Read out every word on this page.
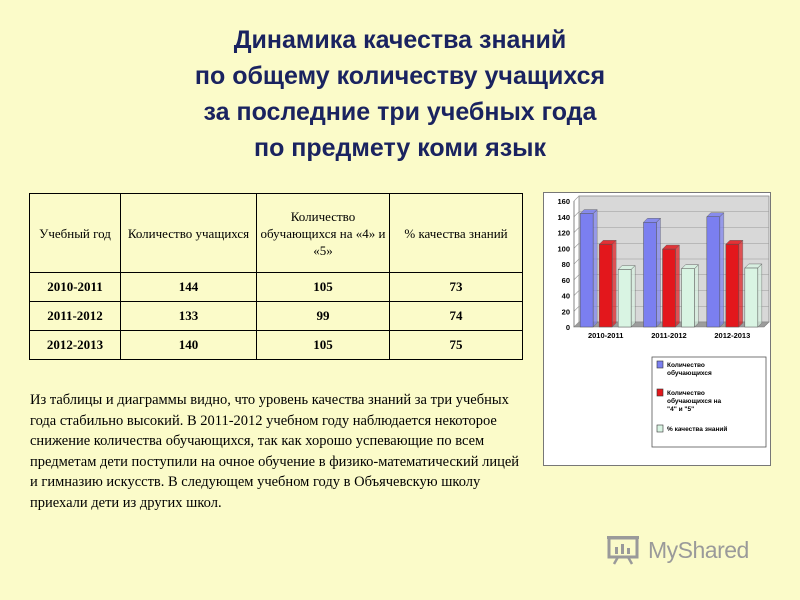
Динамика качества знаний
по общему количеству учащихся
за последние три учебных года
по предмету коми язык
Учебный год	Количество учащихся	Количество обучающихся на «4» и «5»	% качества знаний
2010-2011	144	105	73
2011-2012	133	99	74
2012-2013	140	105	75
Из таблицы и диаграммы видно, что уровень качества знаний за три учебных года стабильно высокий. В 2011-2012 учебном году наблюдается некоторое снижение количества обучающихся, так как хорошо успевающие по всем предметам дети поступили на очное обучение в физико-математический лицей и гимназию искусств. В следующем учебном году в Объячевскую школу приехали дети из других школ.
0
20
40
60
80
100
120
140
160
2010-2011	2011-2012	2012-2013
Количество обучающихся
Количество обучающихся на "4" и "5"
% качества знаний
MyShared
